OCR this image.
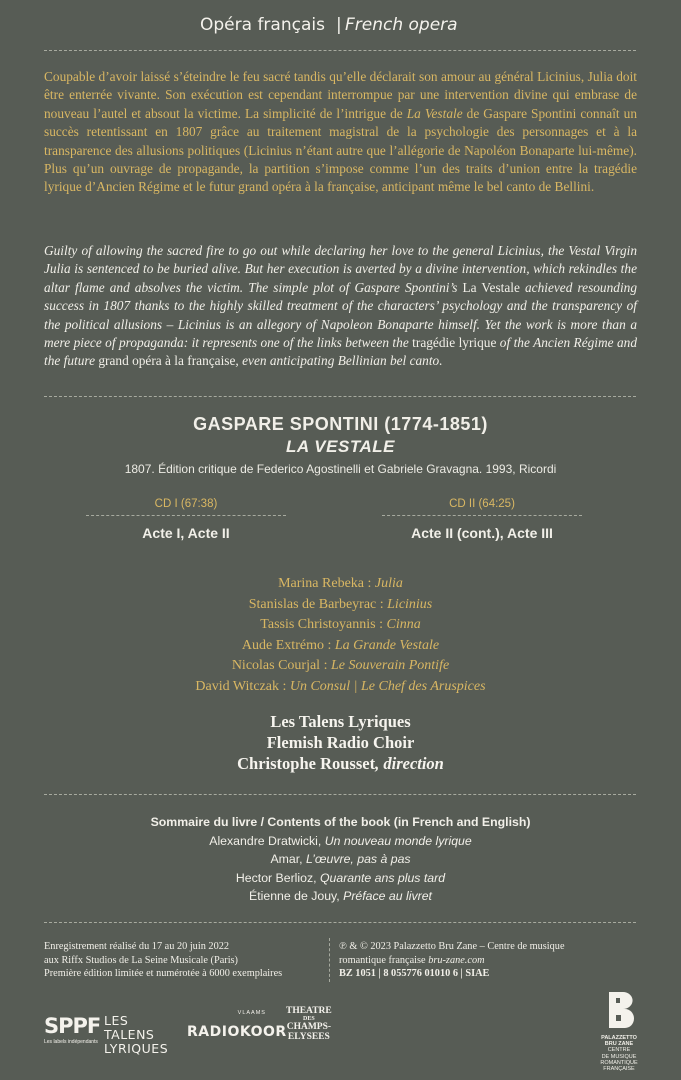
Opéra français | French opera
Coupable d’avoir laissé s’éteindre le feu sacré tandis qu’elle déclarait son amour au général Licinius, Julia doit être enterrée vivante. Son exécution est cependant interrompue par une intervention divine qui embrase de nouveau l’autel et absout la victime. La simplicité de l’intrigue de La Vestale de Gaspare Spontini connaît un succès retentissant en 1807 grâce au traitement magistral de la psychologie des personnages et à la transparence des allusions politiques (Licinius n’étant autre que l’allégorie de Napoléon Bonaparte lui-même). Plus qu’un ouvrage de propagande, la partition s’impose comme l’un des traits d’union entre la tragédie lyrique d’Ancien Régime et le futur grand opéra à la française, anticipant même le bel canto de Bellini.
Guilty of allowing the sacred fire to go out while declaring her love to the general Licinius, the Vestal Virgin Julia is sentenced to be buried alive. But her execution is averted by a divine intervention, which rekindles the altar flame and absolves the victim. The simple plot of Gaspare Spontini’s La Vestale achieved resounding success in 1807 thanks to the highly skilled treatment of the characters’ psychology and the transparency of the political allusions – Licinius is an allegory of Napoleon Bonaparte himself. Yet the work is more than a mere piece of propaganda: it represents one of the links between the tragédie lyrique of the Ancien Régime and the future grand opéra à la française, even anticipating Bellinian bel canto.
GASPARE SPONTINI (1774-1851)
LA VESTALE
1807. Édition critique de Federico Agostinelli et Gabriele Gravagna. 1993, Ricordi
CD I (67:38)	CD II (64:25)
Acte I, Acte II	Acte II (cont.), Acte III
Marina Rebeka : Julia
Stanislas de Barbeyrac : Licinius
Tassis Christoyannis : Cinna
Aude Extrémo : La Grande Vestale
Nicolas Courjal : Le Souverain Pontife
David Witczak : Un Consul | Le Chef des Aruspices
Les Talens Lyriques
Flemish Radio Choir
Christophe Rousset, direction
Sommaire du livre / Contents of the book (in French and English)
Alexandre Dratwicki, Un nouveau monde lyrique
Amar, L’œuvre, pas à pas
Hector Berlioz, Quarante ans plus tard
Étienne de Jouy, Préface au livret
Enregistrement réalisé du 17 au 20 juin 2022
aux Riffx Studios de La Seine Musicale (Paris)
Première édition limitée et numérotée à 6000 exemplaires
℗ & © 2023 Palazzetto Bru Zane – Centre de musique
romantique française bru-zane.com
BZ 1051 | 8 055776 01010 6 | SIAE
SPPF
Les labels indépendants
LES TALENS
LYRIQUES
VLAAMS
RADIOKOOR
THEATRE
DES
CHAMPS-ELYSEES	PALAZZETTO
BRU ZANE
CENTRE
DE MUSIQUE
ROMANTIQUE
FRANÇAISE
